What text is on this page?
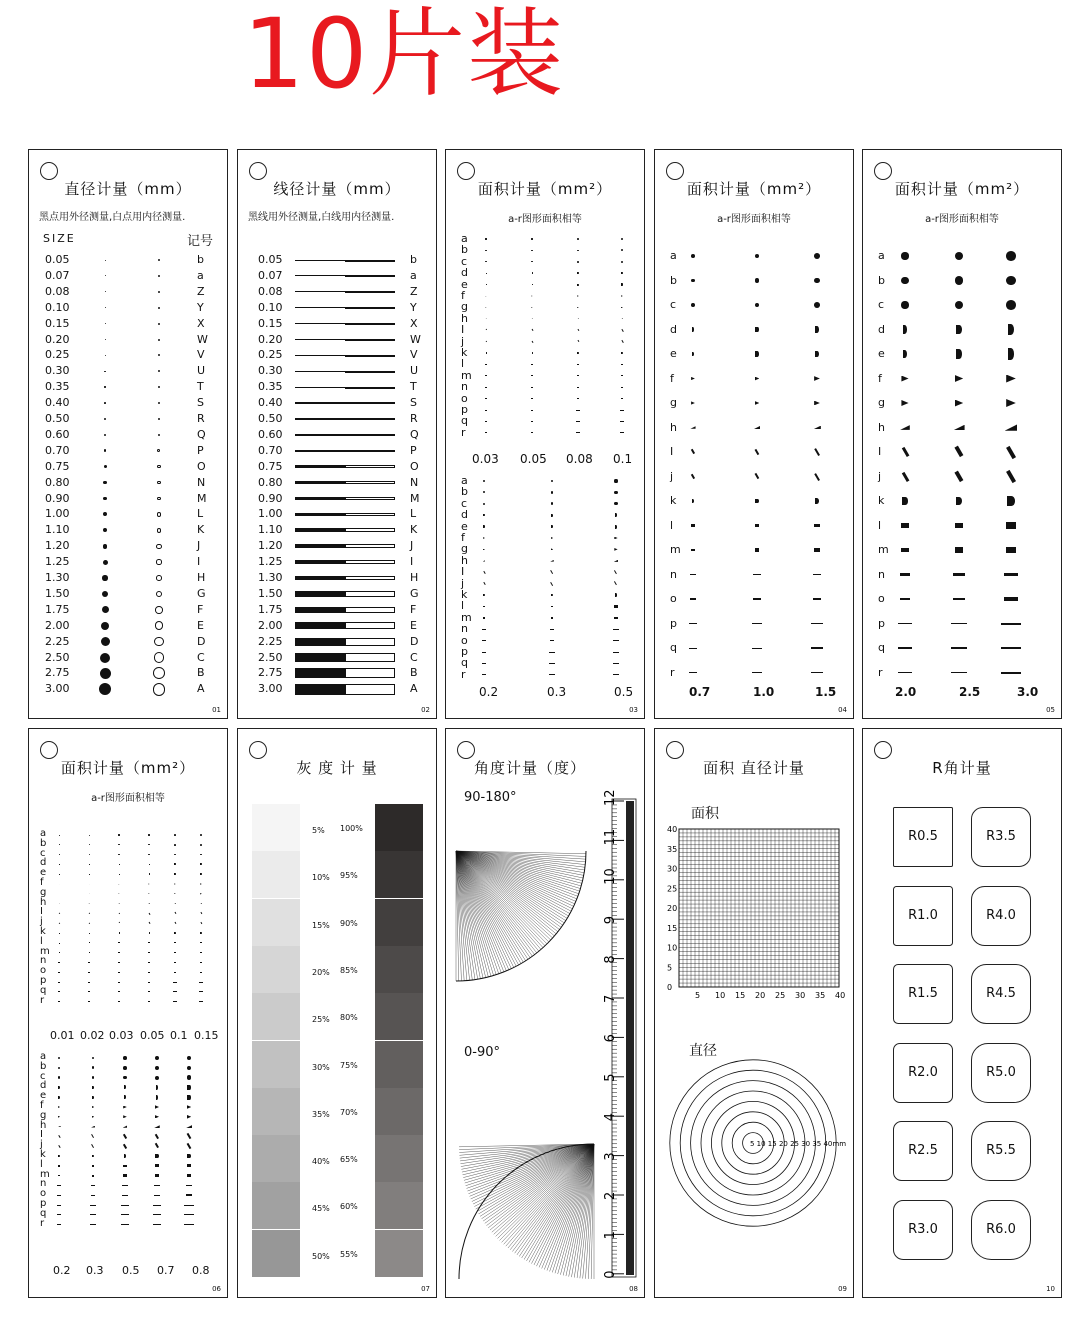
10片装
直径计量（mm）
黑点用外径测量,白点用内径测量.
SIZE	记号
0.05	b
0.07	a
0.08	Z
0.10	Y
0.15	X
0.20	W
0.25	V
0.30	U
0.35	T
0.40	S
0.50	R
0.60	Q
0.70	P
0.75	O
0.80	N
0.90	M
1.00	L
1.10	K
1.20	J
1.25	I
1.30	H
1.50	G
1.75	F
2.00	E
2.25	D
2.50	C
2.75	B
3.00	A
01
线径计量（mm）
黑线用外径测量,白线用内径测量.
0.05	b
0.07	a
0.08	Z
0.10	Y
0.15	X
0.20	W
0.25	V
0.30	U
0.35	T
0.40	S
0.50	R
0.60	Q
0.70	P
0.75	O
0.80	N
0.90	M
1.00	L
1.10	K
1.20	J
1.25	I
1.30	H
1.50	G
1.75	F
2.00	E
2.25	D
2.50	C
2.75	B
3.00	A
02
面积计量（mm²）
a-r图形面积相等
a
b
c
d
e
f
g
h
I
j
k
l
m
n
o
p
q
r
0.03 0.05 0.08 0.1
a
b
c
d
e
f
g
h
I
j
k
l
m
n
o
p
q
r
0.2	0.3	0.5
03
面积计量（mm²）
a-r图形面积相等
a
b
c
d
e
f
g
h
I
j
k
l
m
n
o
p
q
r
0.7	1.0	1.5
04
面积计量（mm²）
a-r图形面积相等
a
b
c
d
e
f
g
h
I
j
k
l
m
n
o
p
q
r
2.0	2.5	3.0
05
面积计量（mm²）
a-r图形面积相等
a
b
c
d
e
f
g
h
I
j
k
l
m
n
o
p
q
r
0.01 0.02 0.03 0.05 0.1 0.15
a
b
c
d
e
f
g
h
I
j
k
l
m
n
o
p
q
r
0.2 0.3 0.5 0.7 0.8
06
灰 度 计 量
5% 100%
10% 95%
15% 90%
20% 85%
25% 80%
30% 75%
35% 70%
40% 65%
45% 60%
50% 55%
07
角度计量（度）
90-180°
0-90°
12
11
10
9
8
7
6
5
4
3
2
1
0
08
面积 直径计量
面积
直径
40
35
30
25
20
15
10
5
0
5 10 15 20 25 30 35 40
5 10 15 20 25 30 35 40mm
09
R角计量
R0.5	R3.5
R1.0	R4.0
R1.5	R4.5
R2.0	R5.0
R2.5	R5.5
R3.0	R6.0
10
